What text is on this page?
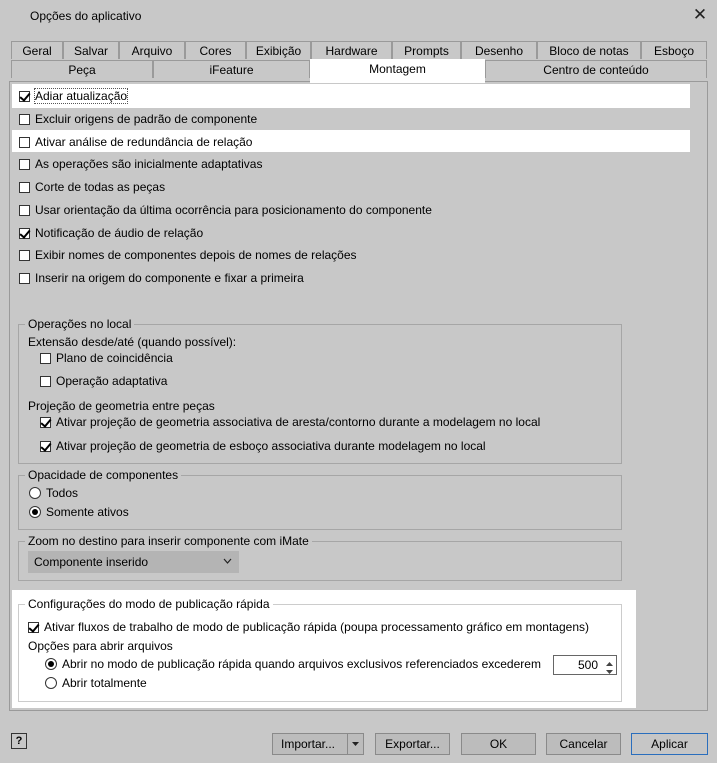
Opções do aplicativo	✕
Geral	Salvar	Arquivo	Cores	Exibição	Hardware	Prompts	Desenho	Bloco de notas	Esboço
Peça	iFeature	Montagem	Centro de conteúdo
Adiar atualização
Excluir origens de padrão de componente
Ativar análise de redundância de relação
As operações são inicialmente adaptativas
Corte de todas as peças
Usar orientação da última ocorrência para posicionamento do componente
Notificação de áudio de relação
Exibir nomes de componentes depois de nomes de relações
Inserir na origem do componente e fixar a primeira
Operações no local
Extensão desde/até (quando possível):
Plano de coincidência
Operação adaptativa
Projeção de geometria entre peças
Ativar projeção de geometria associativa de aresta/contorno durante a modelagem no local
Ativar projeção de geometria de esboço associativa durante modelagem no local
Opacidade de componentes
Todos
Somente ativos
Zoom no destino para inserir componente com iMate
Componente inserido
Configurações do modo de publicação rápida
Ativar fluxos de trabalho de modo de publicação rápida (poupa processamento gráfico em montagens)
Opções para abrir arquivos
Abrir no modo de publicação rápida quando arquivos exclusivos referenciados excederem	500
Abrir totalmente
?	Importar...	Exportar...	OK	Cancelar	Aplicar
